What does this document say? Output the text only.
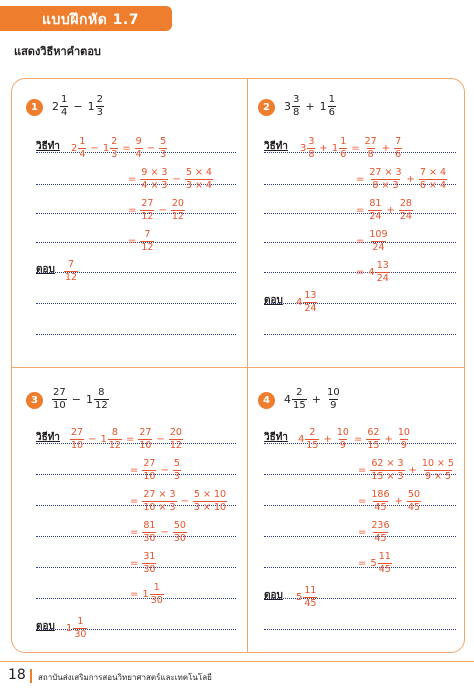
แบบฝึกหัด 1.7
แสดงวิธีหาคำตอบ
1	$2 \frac{1}{4} - 1 \frac{2}{3}$	2	$3 \frac{3}{8} + 1 \frac{1}{6}$
3	$\frac{27}{10} - 1 \frac{8}{12}$	4	$4 \frac{2}{15} + \frac{10}{9}$
วิธีทำ
ตอบ
วิธีทำ
ตอบ
วิธีทำ
ตอบ
วิธีทำ
ตอบ
$2 \frac{1}{4} - 1 \frac{2}{3} = \frac{9}{4} - \frac{5}{3}$
= $\frac{9 \times 3}{4 \times 3} - \frac{5 \times 4}{3 \times 4}$
= $\frac{27}{12} - \frac{20}{12}$
= $\frac{7}{12}$
$\frac{7}{12}$
$3 \frac{3}{8} + 1 \frac{1}{6} = \frac{27}{8} + \frac{7}{6}$
= $\frac{27 \times 3}{8 \times 3} + \frac{7 \times 4}{6 \times 4}$
= $\frac{81}{24} + \frac{28}{24}$
= $\frac{109}{24}$
= $4 \frac{13}{24}$
$4 \frac{13}{24}$
$\frac{27}{10} - 1 \frac{8}{12} = \frac{27}{10} - \frac{20}{12}$
= $\frac{27}{10} - \frac{5}{3}$
= $\frac{27 \times 3}{10 \times 3} - \frac{5 \times 10}{3 \times 10}$
= $\frac{81}{30} - \frac{50}{30}$
= $\frac{31}{30}$
= $1 \frac{1}{30}$
$1 \frac{1}{30}$
$4 \frac{2}{15} + \frac{10}{9} = \frac{62}{15} + \frac{10}{9}$
= $\frac{62 \times 3}{15 \times 3} + \frac{10 \times 5}{9 \times 5}$
= $\frac{186}{45} + \frac{50}{45}$
= $\frac{236}{45}$
= $5 \frac{11}{45}$
$5 \frac{11}{45}$
18 สถาบันส่งเสริมการสอนวิทยาศาสตร์และเทคโนโลยี
